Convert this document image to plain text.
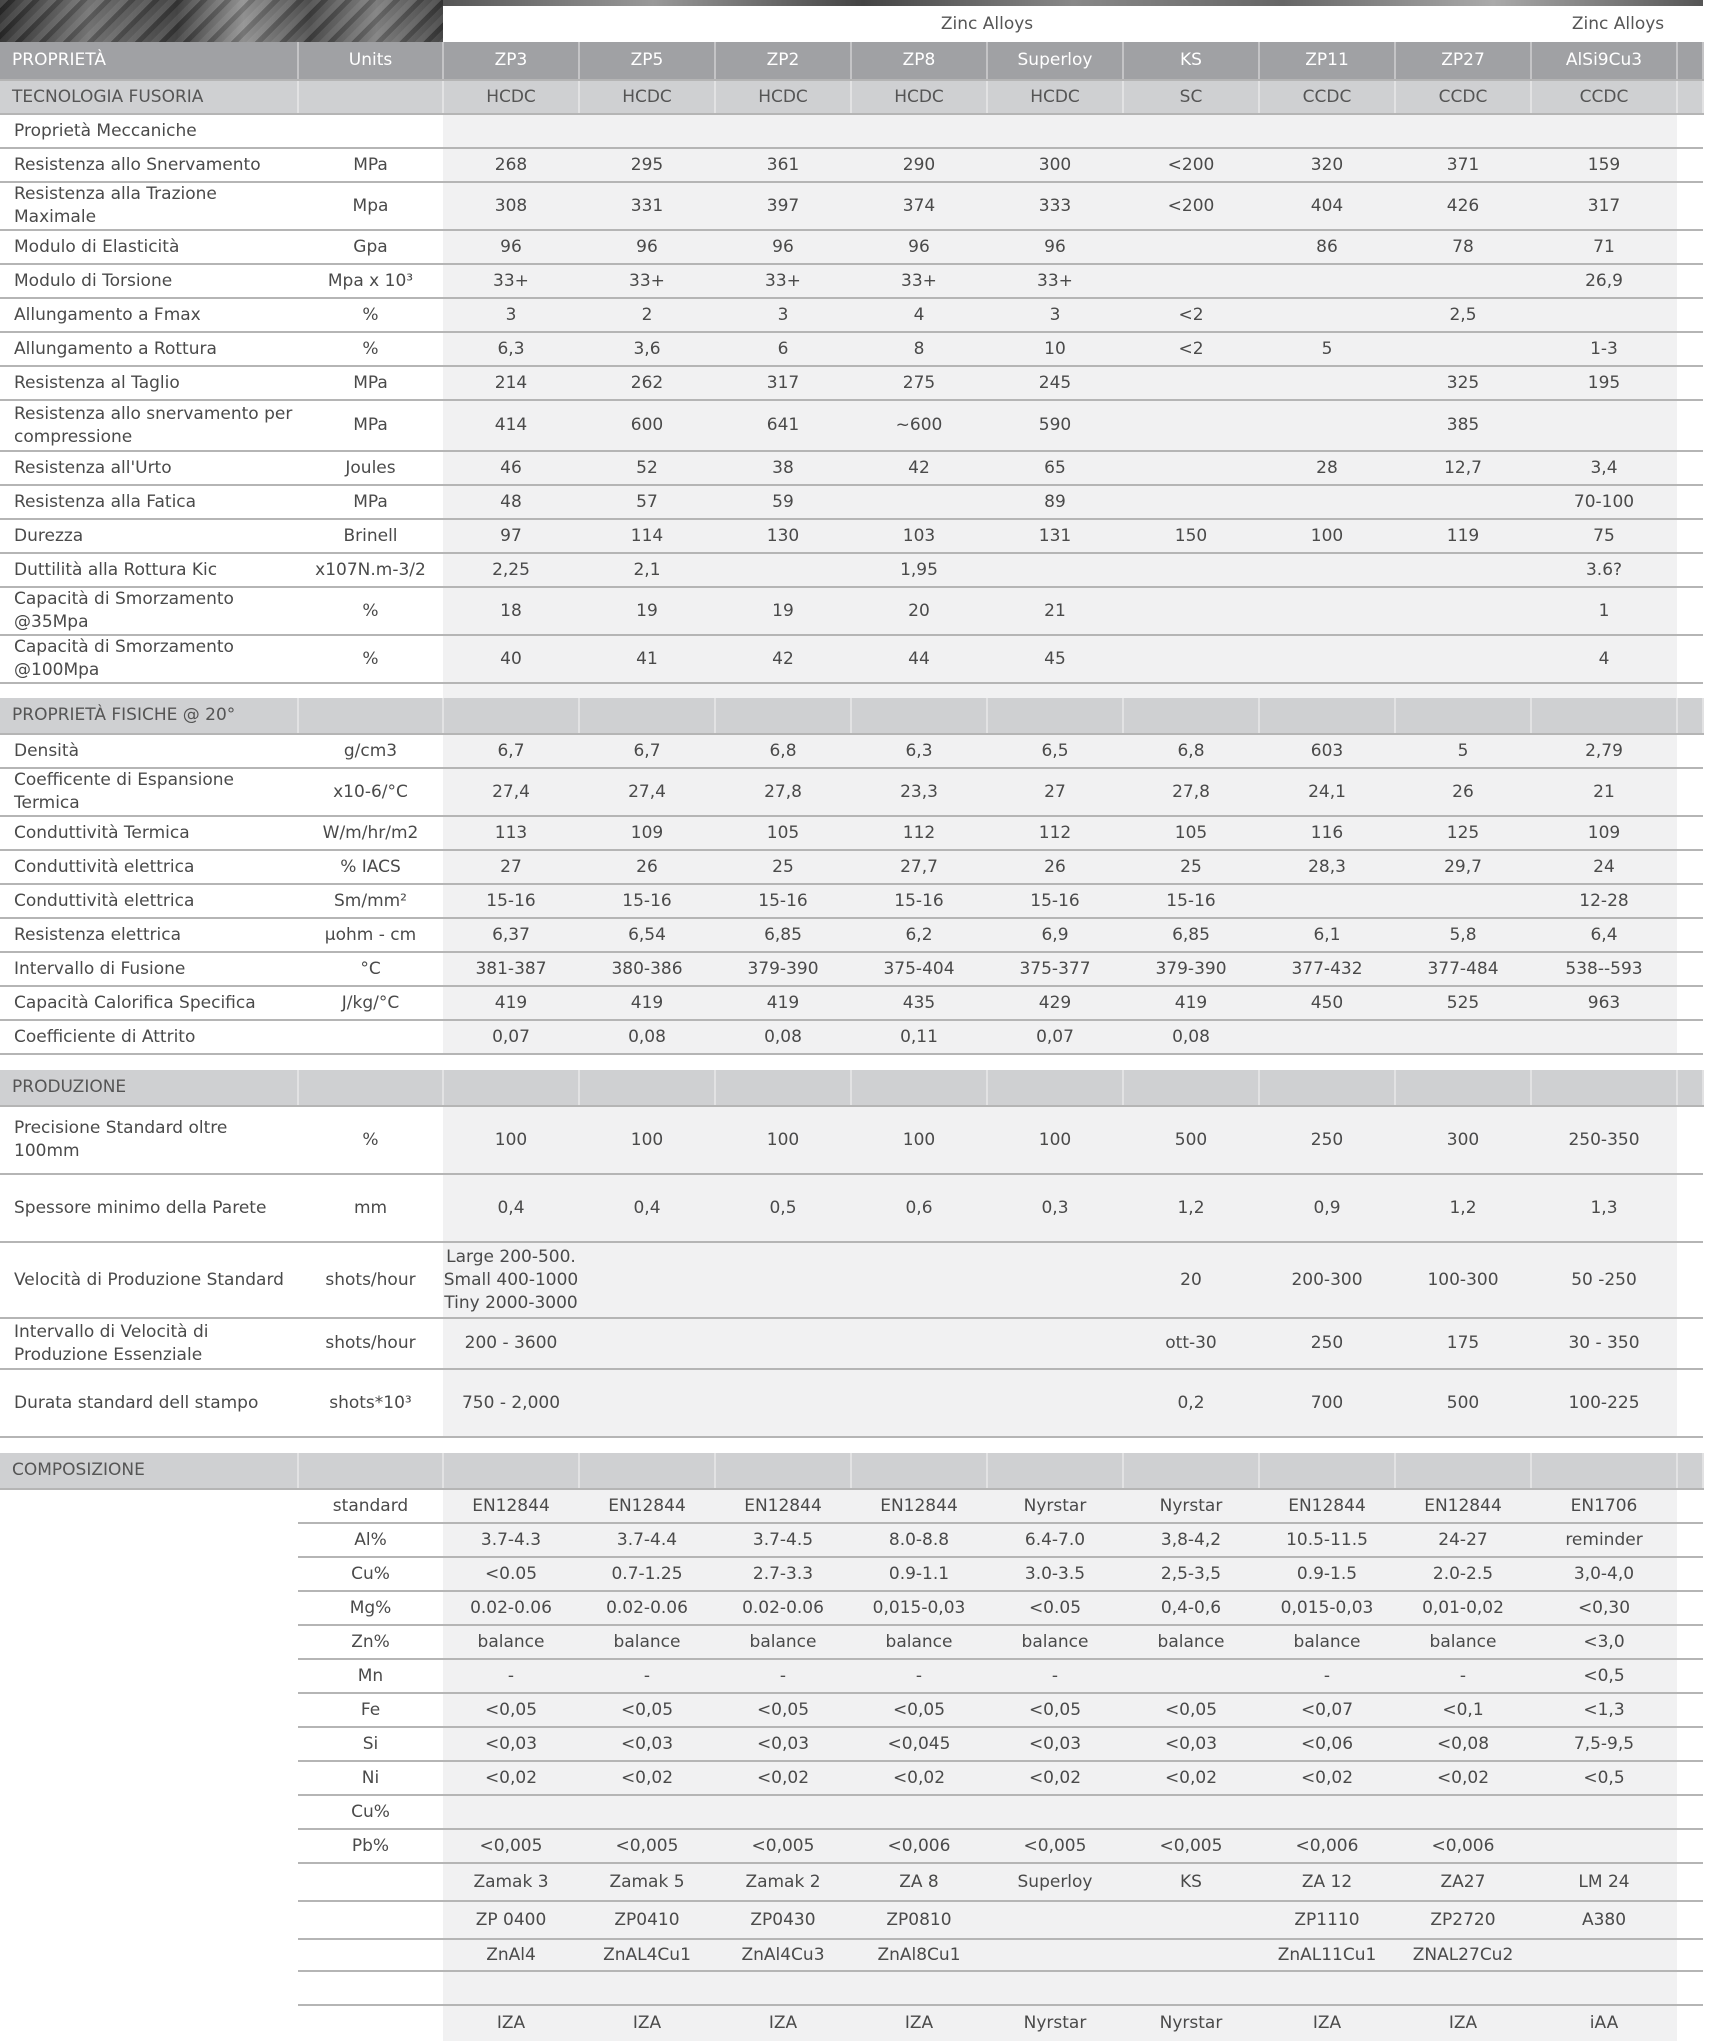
Zinc Alloys	Zinc Alloys
PROPRIETÀ	Units	ZP3	ZP5	ZP2	ZP8	Superloy	KS	ZP11	ZP27	AlSi9Cu3	
TECNOLOGIA FUSORIA		HCDC	HCDC	HCDC	HCDC	HCDC	SC	CCDC	CCDC	CCDC	
Proprietà Meccaniche											
Resistenza allo Snervamento	MPa	268	295	361	290	300	<200	320	371	159	
Resistenza alla Trazione Maximale	Mpa	308	331	397	374	333	<200	404	426	317	
Modulo di Elasticità	Gpa	96	96	96	96	96		86	78	71	
Modulo di Torsione	Mpa x 10³	33+	33+	33+	33+	33+				26,9	
Allungamento a Fmax	%	3	2	3	4	3	<2		2,5		
Allungamento a Rottura	%	6,3	3,6	6	8	10	<2	5		1-3	
Resistenza al Taglio	MPa	214	262	317	275	245			325	195	
Resistenza allo snervamento per compressione	MPa	414	600	641	~600	590			385		
Resistenza all'Urto	Joules	46	52	38	42	65		28	12,7	3,4	
Resistenza alla Fatica	MPa	48	57	59		89				70-100	
Durezza	Brinell	97	114	130	103	131	150	100	119	75	
Duttilità alla Rottura Kic	x107N.m-3/2	2,25	2,1		1,95					3.6?	
Capacità di Smorzamento @35Mpa	%	18	19	19	20	21				1	
Capacità di Smorzamento @100Mpa	%	40	41	42	44	45				4	

PROPRIETÀ FISICHE @ 20°											
Densità	g/cm3	6,7	6,7	6,8	6,3	6,5	6,8	603	5	2,79	
Coefficente di Espansione Termica	x10-6/°C	27,4	27,4	27,8	23,3	27	27,8	24,1	26	21	
Conduttività Termica	W/m/hr/m2	113	109	105	112	112	105	116	125	109	
Conduttività elettrica	% IACS	27	26	25	27,7	26	25	28,3	29,7	24	
Conduttività elettrica	Sm/mm²	15-16	15-16	15-16	15-16	15-16	15-16			12-28	
Resistenza elettrica	µohm - cm	6,37	6,54	6,85	6,2	6,9	6,85	6,1	5,8	6,4	
Intervallo di Fusione	°C	381-387	380-386	379-390	375-404	375-377	379-390	377-432	377-484	538--593	
Capacità Calorifica Specifica	J/kg/°C	419	419	419	435	429	419	450	525	963	
Coefficiente di Attrito		0,07	0,08	0,08	0,11	0,07	0,08				

PRODUZIONE											
Precisione Standard oltre 100mm	%	100	100	100	100	100	500	250	300	250-350	
Spessore minimo della Parete	mm	0,4	0,4	0,5	0,6	0,3	1,2	0,9	1,2	1,3	
Velocità di Produzione Standard	shots/hour	Large 200-500.
Small 400-1000
Tiny 2000-3000					20	200-300	100-300	50 -250	
Intervallo di Velocità di Produzione Essenziale	shots/hour	200 - 3600					ott-30	250	175	30 - 350	
Durata standard dell stampo	shots*10³	750 - 2,000					0,2	700	500	100-225	

COMPOSIZIONE											
	standard	EN12844	EN12844	EN12844	EN12844	Nyrstar	Nyrstar	EN12844	EN12844	EN1706	
	Al%	3.7-4.3	3.7-4.4	3.7-4.5	8.0-8.8	6.4-7.0	3,8-4,2	10.5-11.5	24-27	reminder	
	Cu%	<0.05	0.7-1.25	2.7-3.3	0.9-1.1	3.0-3.5	2,5-3,5	0.9-1.5	2.0-2.5	3,0-4,0	
	Mg%	0.02-0.06	0.02-0.06	0.02-0.06	0,015-0,03	<0.05	0,4-0,6	0,015-0,03	0,01-0,02	<0,30	
	Zn%	balance	balance	balance	balance	balance	balance	balance	balance	<3,0	
	Mn	-	-	-	-	-		-	-	<0,5	
	Fe	<0,05	<0,05	<0,05	<0,05	<0,05	<0,05	<0,07	<0,1	<1,3	
	Si	<0,03	<0,03	<0,03	<0,045	<0,03	<0,03	<0,06	<0,08	7,5-9,5	
	Ni	<0,02	<0,02	<0,02	<0,02	<0,02	<0,02	<0,02	<0,02	<0,5	
	Cu%										
	Pb%	<0,005	<0,005	<0,005	<0,006	<0,005	<0,005	<0,006	<0,006		
		Zamak 3	Zamak 5	Zamak 2	ZA 8	Superloy	KS	ZA 12	ZA27	LM 24	
		ZP 0400	ZP0410	ZP0430	ZP0810			ZP1110	ZP2720	A380	
		ZnAl4	ZnAL4Cu1	ZnAl4Cu3	ZnAl8Cu1			ZnAL11Cu1	ZNAL27Cu2		

		IZA	IZA	IZA	IZA	Nyrstar	Nyrstar	IZA	IZA	iAA	
